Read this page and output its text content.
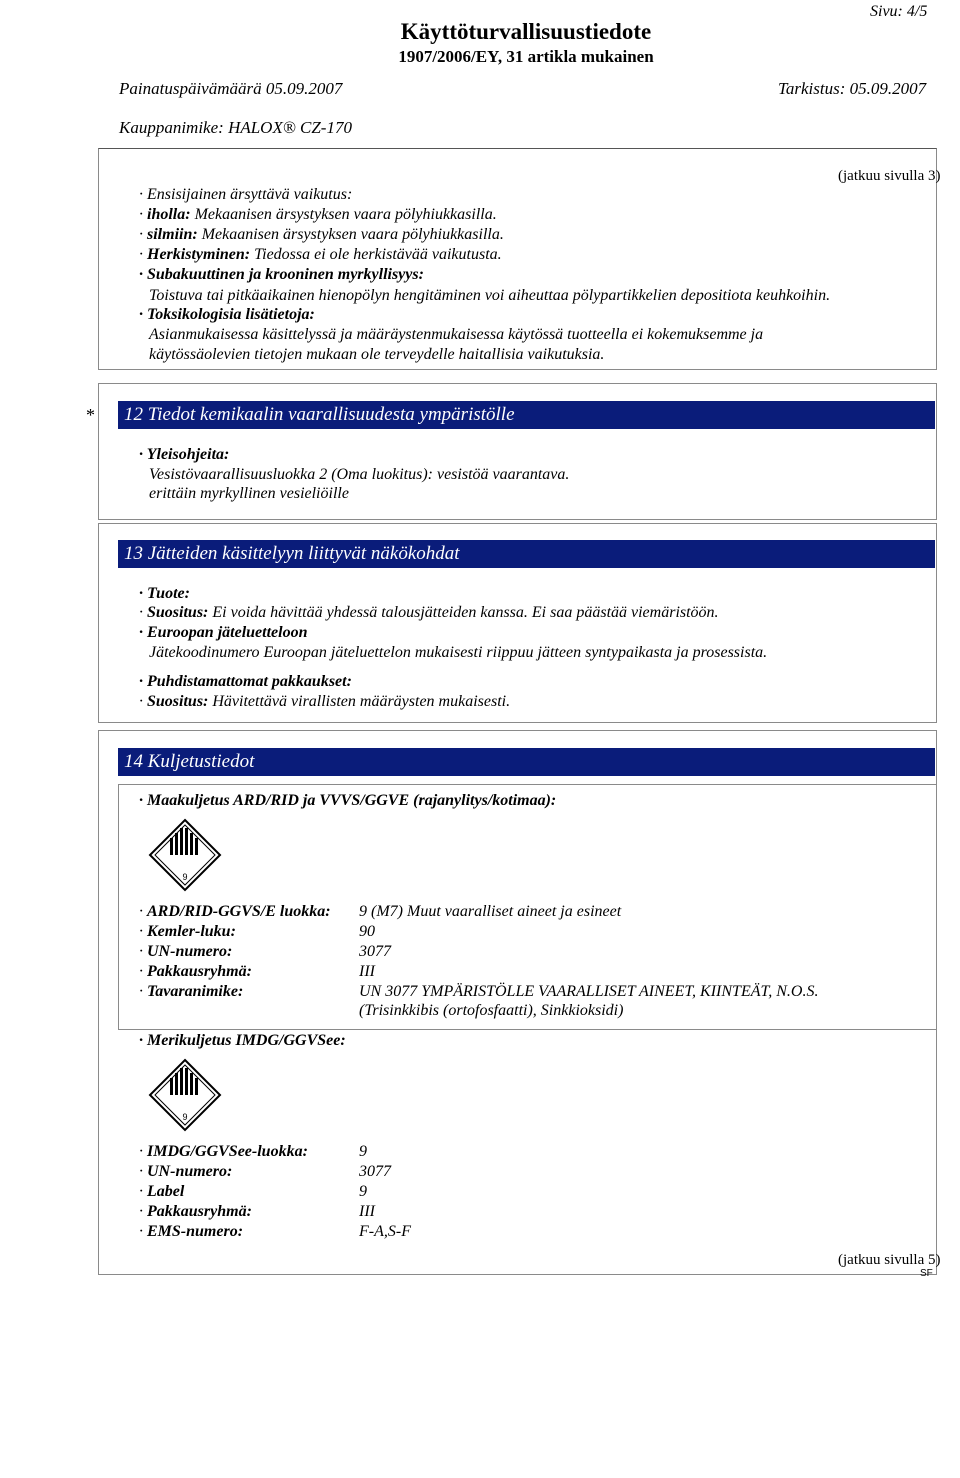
Sivu: 4/5
Käyttöturvallisuustiedote
1907/2006/EY, 31 artikla mukainen
Painatuspäivämäärä 05.09.2007	Tarkistus: 05.09.2007
Kauppanimike: HALOX® CZ-170
(jatkuu sivulla 3)
· Ensisijainen ärsyttävä vaikutus:
· iholla: Mekaanisen ärsystyksen vaara pölyhiukkasilla.
· silmiin: Mekaanisen ärsystyksen vaara pölyhiukkasilla.
· Herkistyminen: Tiedossa ei ole herkistävää vaikutusta.
· Subakuuttinen ja krooninen myrkyllisyys:
Toistuva tai pitkäaikainen hienopölyn hengitäminen voi aiheuttaa pölypartikkelien depositiota keuhkoihin.
· Toksikologisia lisätietoja:
Asianmukaisessa käsittelyssä ja määräystenmukaisessa käytössä tuotteella ei kokemuksemme ja
käytössäolevien tietojen mukaan ole terveydelle haitallisia vaikutuksia.
*	12 Tiedot kemikaalin vaarallisuudesta ympäristölle
· Yleisohjeita:
Vesistövaarallisuusluokka 2 (Oma luokitus): vesistöä vaarantava.
erittäin myrkyllinen vesieliöille
13 Jätteiden käsittelyyn liittyvät näkökohdat
· Tuote:
· Suositus: Ei voida hävittää yhdessä talousjätteiden kanssa. Ei saa päästää viemäristöön.
· Euroopan jäteluetteloon
Jätekoodinumero Euroopan jäteluettelon mukaisesti riippuu jätteen syntypaikasta ja prosessista.
· Puhdistamattomat pakkaukset:
· Suositus: Hävitettävä virallisten määräysten mukaisesti.
14 Kuljetustiedot
· Maakuljetus ARD/RID ja VVVS/GGVE (rajanylitys/kotimaa):
9
· ARD/RID-GGVS/E luokka: 9 (M7) Muut vaaralliset aineet ja esineet
· Kemler-luku:	90
· UN-numero:	3077
· Pakkausryhmä:	III
· Tavaranimike:	UN 3077 YMPÄRISTÖLLE VAARALLISET AINEET, KIINTEÄT, N.O.S.
(Trisinkkibis (ortofosfaatti), Sinkkioksidi)
· Merikuljetus IMDG/GGVSee:
9
· IMDG/GGVSee-luokka:	9
· UN-numero:	3077
· Label	9
· Pakkausryhmä:	III
· EMS-numero:	F-A,S-F
(jatkuu sivulla 5)
SF
